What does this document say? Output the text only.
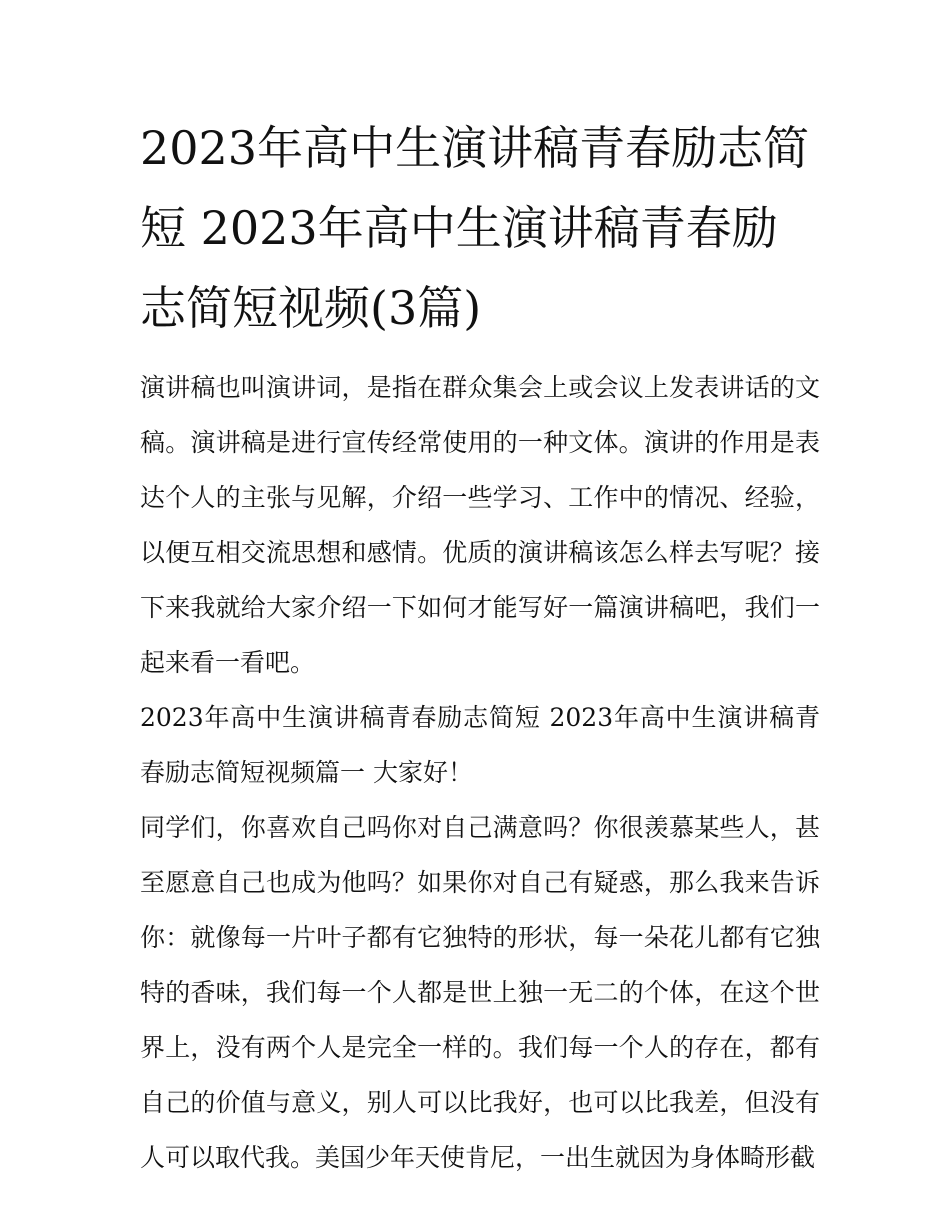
2023年高中生演讲稿青春励志简短 2023年高中生演讲稿青春励志简短视频(3篇)

演讲稿也叫演讲词，是指在群众集会上或会议上发表讲话的文稿。演讲稿是进行宣传经常使用的一种文体。演讲的作用是表达个人的主张与见解，介绍一些学习、工作中的情况、经验，以便互相交流思想和感情。优质的演讲稿该怎么样去写呢？接下来我就给大家介绍一下如何才能写好一篇演讲稿吧，我们一起来看一看吧。

2023年高中生演讲稿青春励志简短 2023年高中生演讲稿青春励志简短视频篇一 大家好！

同学们，你喜欢自己吗你对自己满意吗？你很羡慕某些人，甚至愿意自己也成为他吗？如果你对自己有疑惑，那么我来告诉你：就像每一片叶子都有它独特的形状，每一朵花儿都有它独特的香味，我们每一个人都是世上独一无二的个体，在这个世界上，没有两个人是完全一样的。我们每一个人的存在，都有自己的价值与意义，别人可以比我好，也可以比我差，但没有人可以取代我。美国少年天使肯尼，一出生就因为身体畸形截
